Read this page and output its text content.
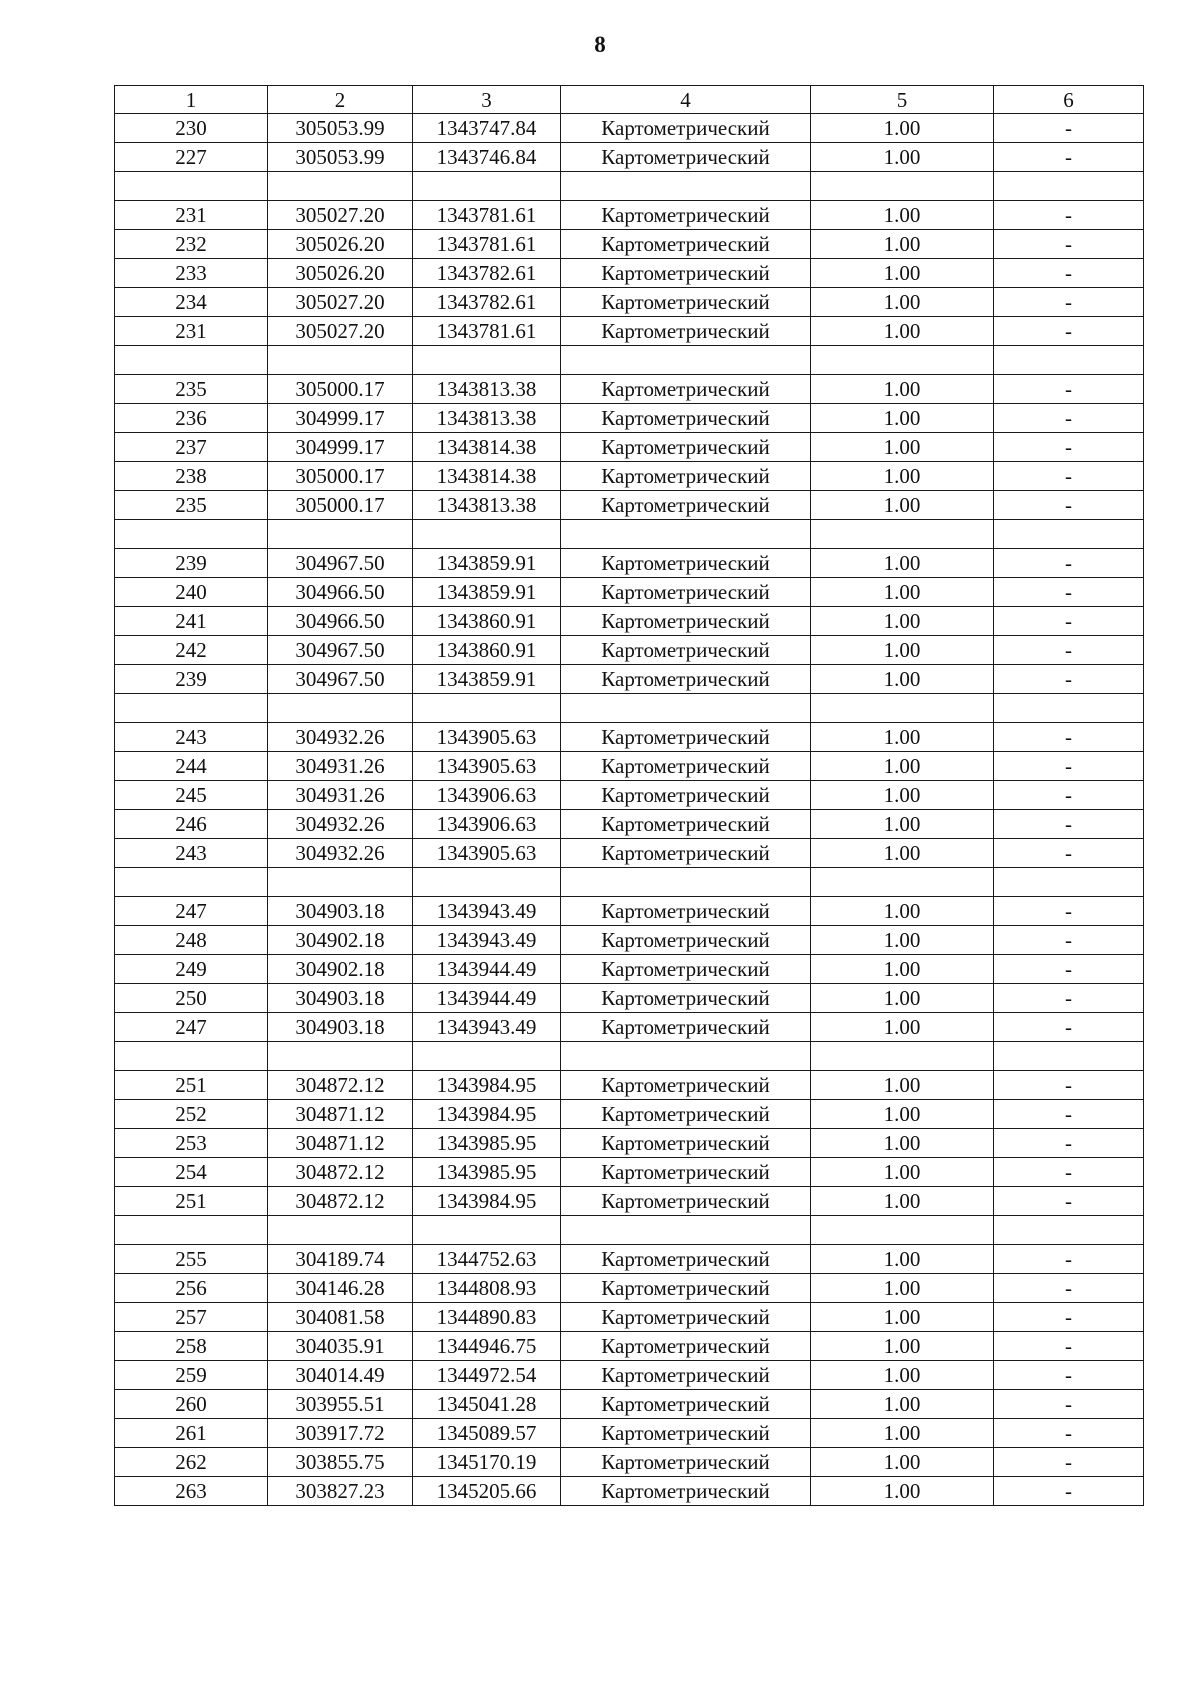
8
1	2	3	4	5	6
230	305053.99	1343747.84	Картометрический	1.00	-
227	305053.99	1343746.84	Картометрический	1.00	-

231	305027.20	1343781.61	Картометрический	1.00	-
232	305026.20	1343781.61	Картометрический	1.00	-
233	305026.20	1343782.61	Картометрический	1.00	-
234	305027.20	1343782.61	Картометрический	1.00	-
231	305027.20	1343781.61	Картометрический	1.00	-

235	305000.17	1343813.38	Картометрический	1.00	-
236	304999.17	1343813.38	Картометрический	1.00	-
237	304999.17	1343814.38	Картометрический	1.00	-
238	305000.17	1343814.38	Картометрический	1.00	-
235	305000.17	1343813.38	Картометрический	1.00	-

239	304967.50	1343859.91	Картометрический	1.00	-
240	304966.50	1343859.91	Картометрический	1.00	-
241	304966.50	1343860.91	Картометрический	1.00	-
242	304967.50	1343860.91	Картометрический	1.00	-
239	304967.50	1343859.91	Картометрический	1.00	-

243	304932.26	1343905.63	Картометрический	1.00	-
244	304931.26	1343905.63	Картометрический	1.00	-
245	304931.26	1343906.63	Картометрический	1.00	-
246	304932.26	1343906.63	Картометрический	1.00	-
243	304932.26	1343905.63	Картометрический	1.00	-

247	304903.18	1343943.49	Картометрический	1.00	-
248	304902.18	1343943.49	Картометрический	1.00	-
249	304902.18	1343944.49	Картометрический	1.00	-
250	304903.18	1343944.49	Картометрический	1.00	-
247	304903.18	1343943.49	Картометрический	1.00	-

251	304872.12	1343984.95	Картометрический	1.00	-
252	304871.12	1343984.95	Картометрический	1.00	-
253	304871.12	1343985.95	Картометрический	1.00	-
254	304872.12	1343985.95	Картометрический	1.00	-
251	304872.12	1343984.95	Картометрический	1.00	-

255	304189.74	1344752.63	Картометрический	1.00	-
256	304146.28	1344808.93	Картометрический	1.00	-
257	304081.58	1344890.83	Картометрический	1.00	-
258	304035.91	1344946.75	Картометрический	1.00	-
259	304014.49	1344972.54	Картометрический	1.00	-
260	303955.51	1345041.28	Картометрический	1.00	-
261	303917.72	1345089.57	Картометрический	1.00	-
262	303855.75	1345170.19	Картометрический	1.00	-
263	303827.23	1345205.66	Картометрический	1.00	-
